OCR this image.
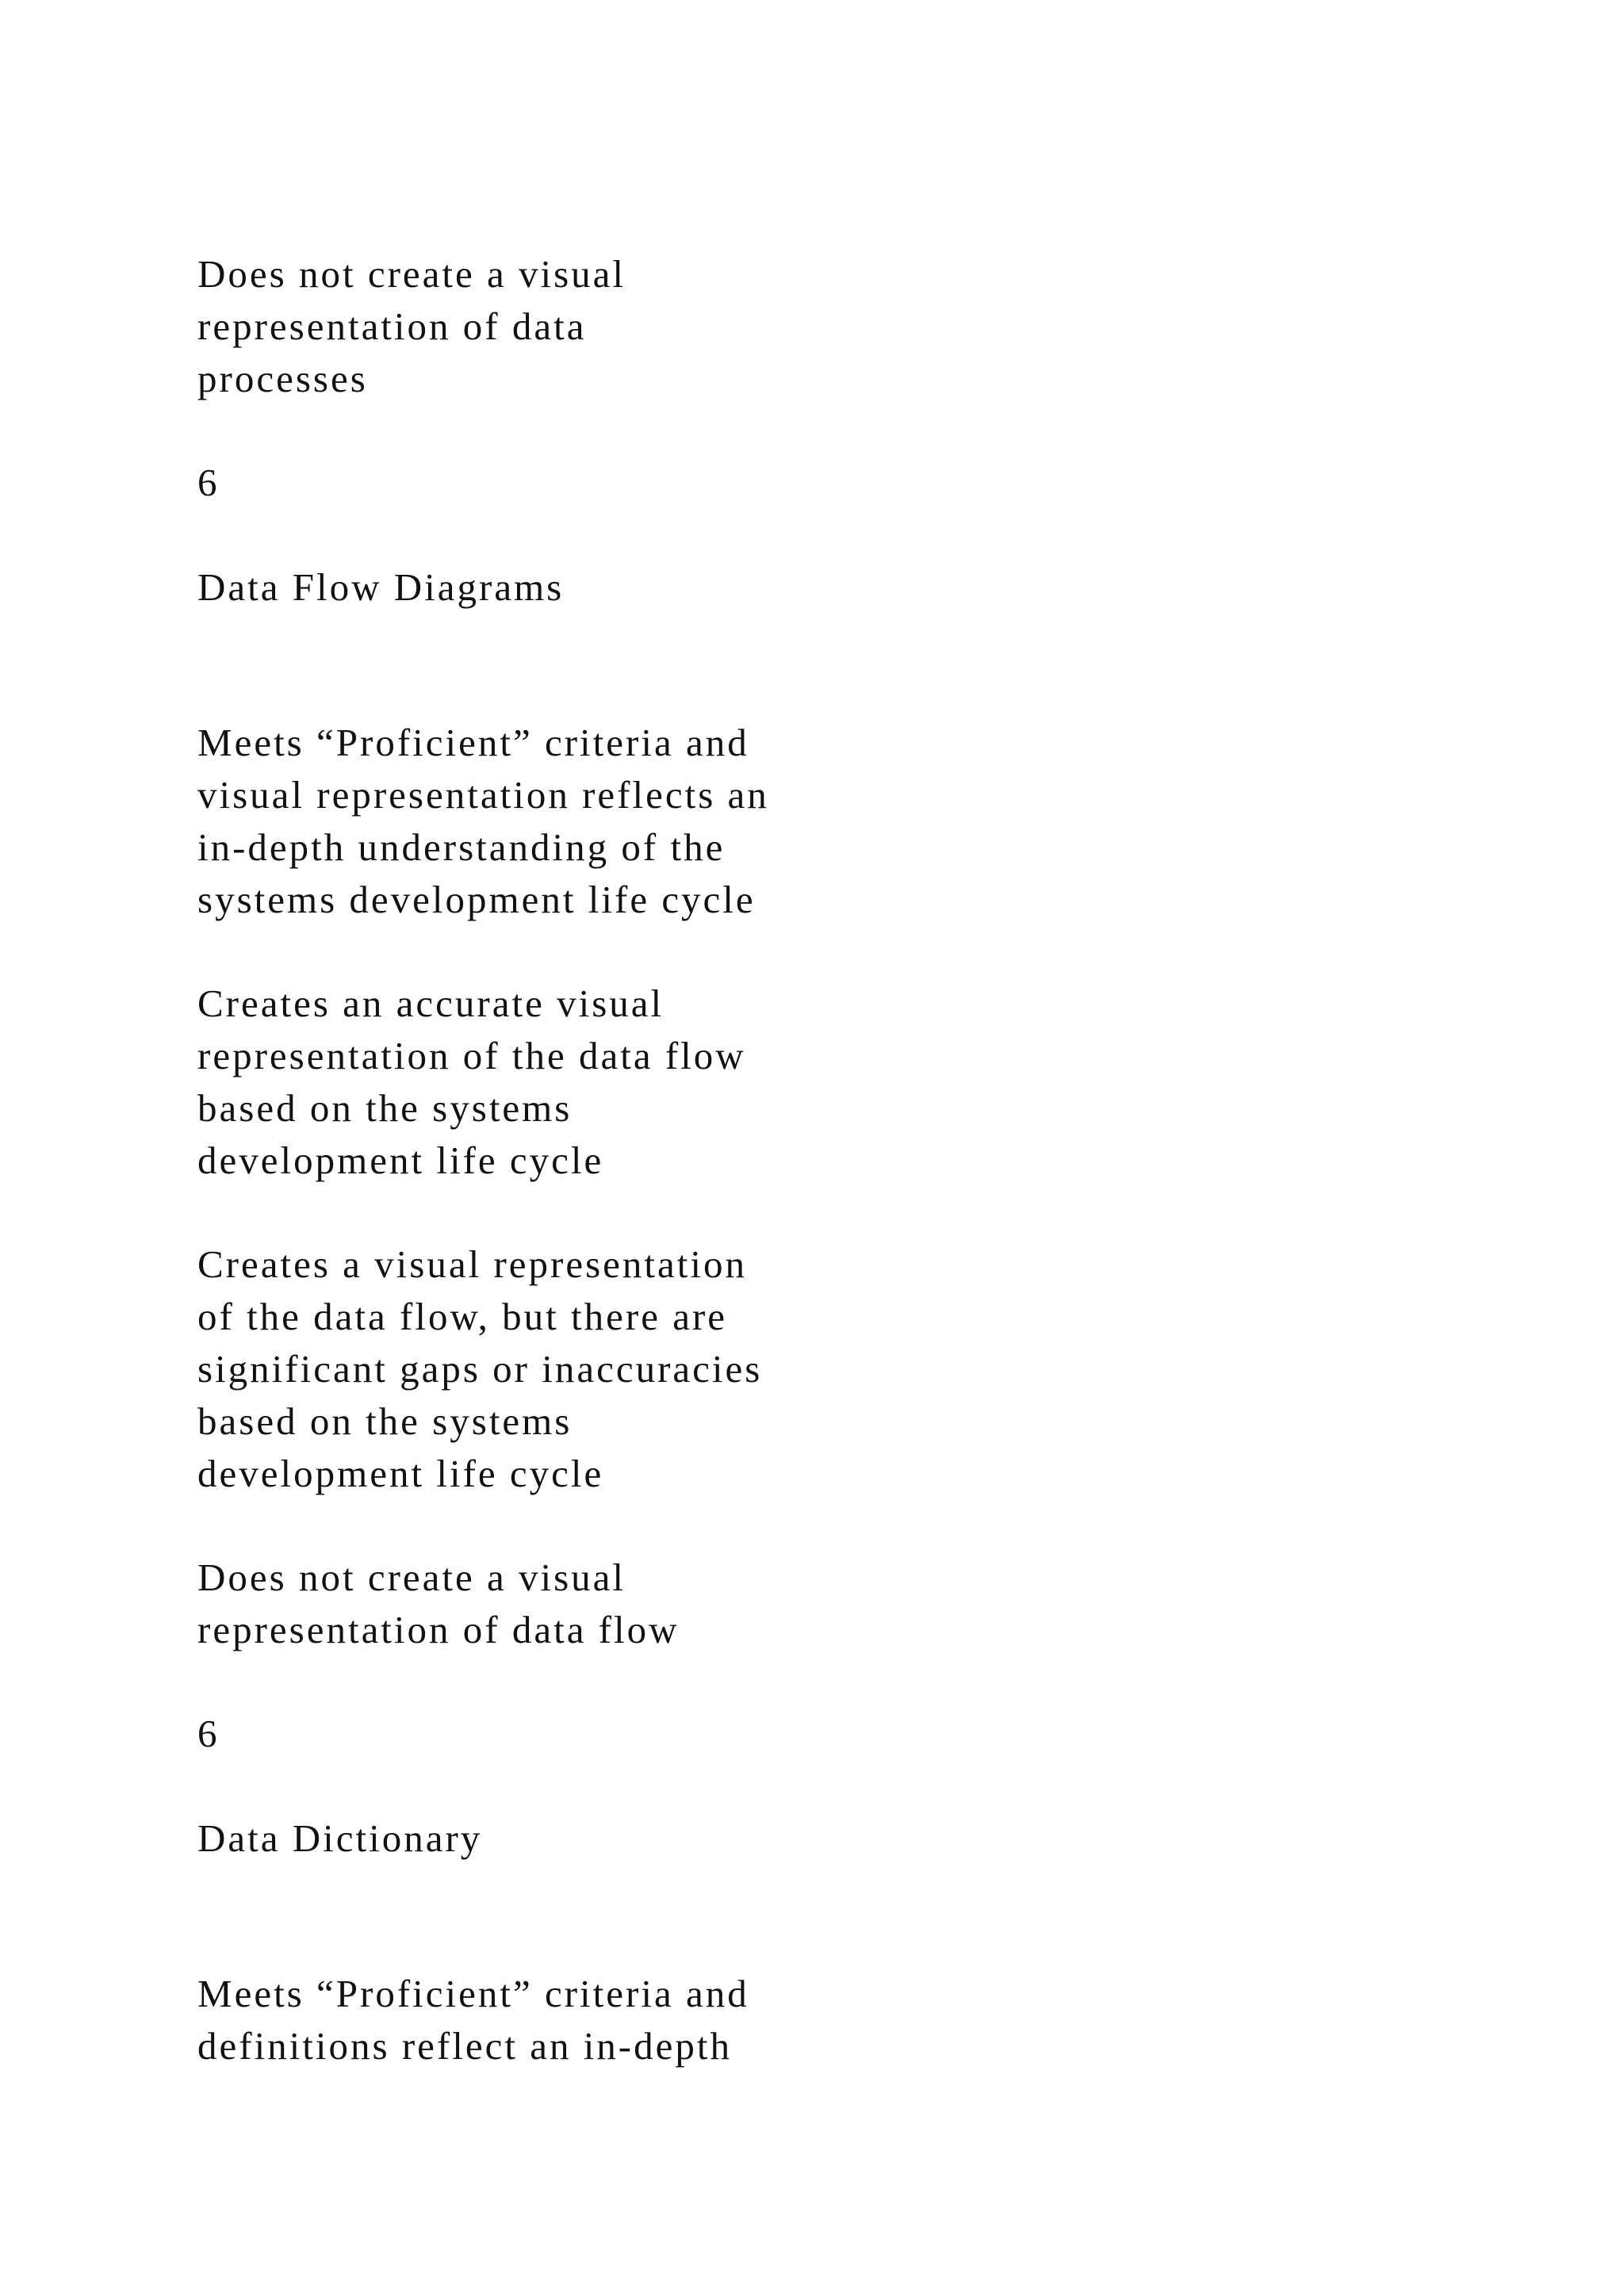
Does not create a visual
representation of data
processes

6

Data Flow Diagrams

Meets “Proficient” criteria and
visual representation reflects an
in-depth understanding of the
systems development life cycle

Creates an accurate visual
representation of the data flow
based on the systems
development life cycle

Creates a visual representation
of the data flow, but there are
significant gaps or inaccuracies
based on the systems
development life cycle

Does not create a visual
representation of data flow

6

Data Dictionary

Meets “Proficient” criteria and
definitions reflect an in-depth
